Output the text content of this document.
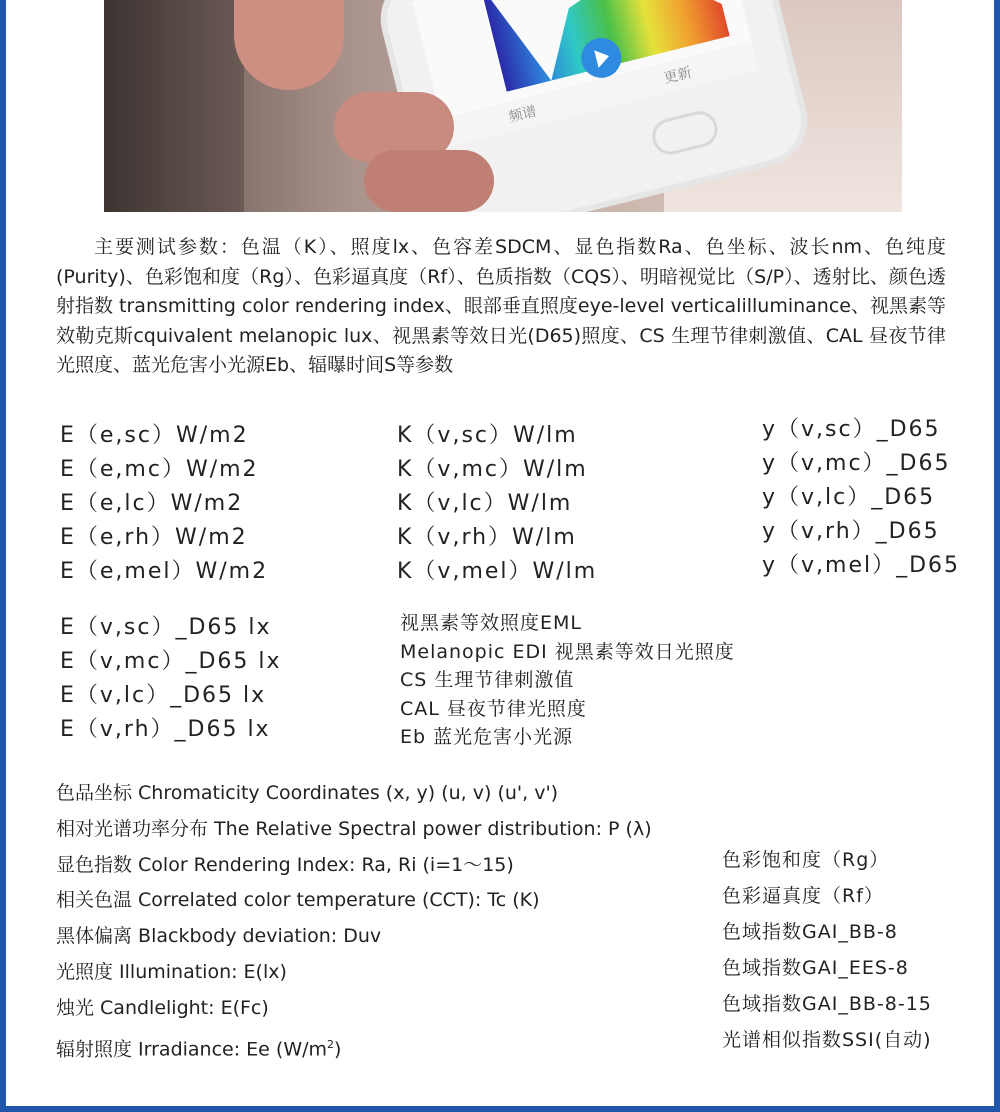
频谱
更新
主要测试参数：色温（K）、照度lx、色容差SDCM、显色指数Ra、色坐标、波长nm、色纯度(Purity)、色彩饱和度（Rg）、色彩逼真度（Rf）、色质指数（CQS）、明暗视觉比（S/P）、透射比、颜色透射指数 transmitting color rendering index、眼部垂直照度eye-level verticalilluminance、视黑素等效勒克斯cquivalent melanopic lux、视黑素等效日光(D65)照度、CS 生理节律刺激值、CAL 昼夜节律光照度、蓝光危害小光源Eb、辐曝时间S等参数
E（e,sc）W/m2
E（e,mc）W/m2
E（e,lc）W/m2
E（e,rh）W/m2
E（e,mel）W/m2
K（v,sc）W/lm
K（v,mc）W/lm
K（v,lc）W/lm
K（v,rh）W/lm
K（v,mel）W/lm
y（v,sc）_D65
y（v,mc）_D65
y（v,lc）_D65
y（v,rh）_D65
y（v,mel）_D65
E（v,sc）_D65 lx
E（v,mc）_D65 lx
E（v,lc）_D65 lx
E（v,rh）_D65 lx
视黑素等效照度EML
Melanopic EDI 视黑素等效日光照度
CS 生理节律刺激值
CAL 昼夜节律光照度
Eb 蓝光危害小光源
色品坐标 Chromaticity Coordinates (x, y) (u, v) (u', v')
相对光谱功率分布 The Relative Spectral power distribution: P (λ)
显色指数 Color Rendering Index: Ra, Ri (i=1～15)
相关色温 Correlated color temperature (CCT): Tc (K)
黑体偏离 Blackbody deviation: Duv
光照度 Illumination: E(lx)
烛光 Candlelight: E(Fc)
辐射照度 Irradiance: Ee $(W/m^2)$
色彩饱和度（Rg）
色彩逼真度（Rf）
色域指数GAI_BB-8
色域指数GAI_EES-8
色域指数GAI_BB-8-15
光谱相似指数SSI(自动)
